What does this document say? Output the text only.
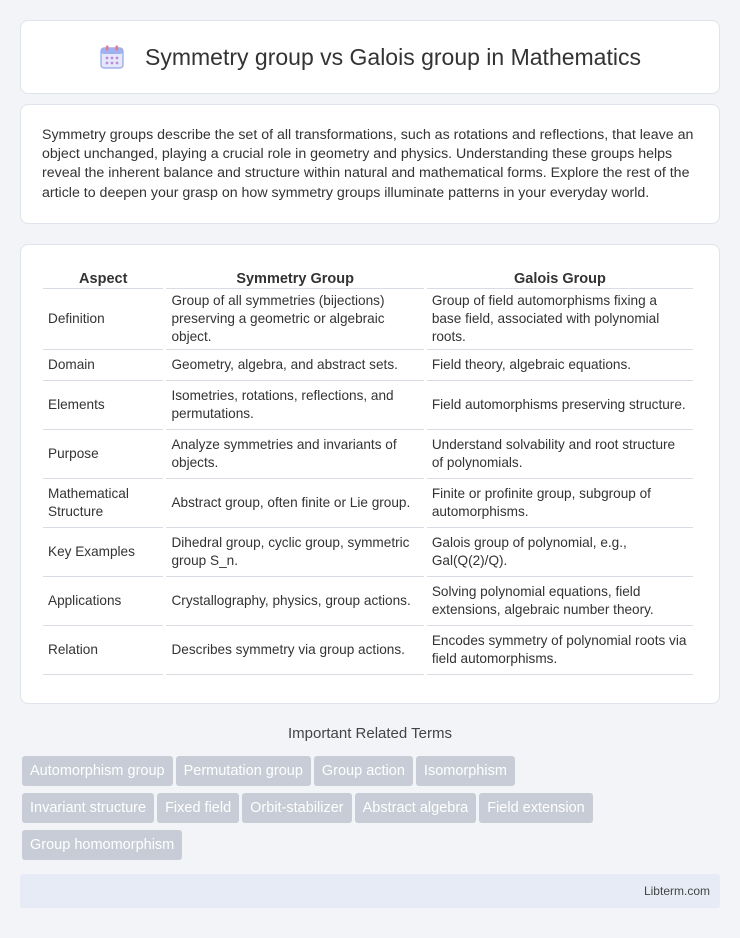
Symmetry group vs Galois group in Mathematics

Symmetry groups describe the set of all transformations, such as rotations and reflections, that leave an object unchanged, playing a crucial role in geometry and physics. Understanding these groups helps reveal the inherent balance and structure within natural and mathematical forms. Explore the rest of the article to deepen your grasp on how symmetry groups illuminate patterns in your everyday world.

Aspect	Symmetry Group	Galois Group
Definition	Group of all symmetries (bijections) preserving a geometric or algebraic object.	Group of field automorphisms fixing a base field, associated with polynomial roots.
Domain	Geometry, algebra, and abstract sets.	Field theory, algebraic equations.
Elements	Isometries, rotations, reflections, and permutations.	Field automorphisms preserving structure.
Purpose	Analyze symmetries and invariants of objects.	Understand solvability and root structure of polynomials.
Mathematical Structure	Abstract group, often finite or Lie group.	Finite or profinite group, subgroup of automorphisms.
Key Examples	Dihedral group, cyclic group, symmetric group S_n.	Galois group of polynomial, e.g., Gal(Q(2)/Q).
Applications	Crystallography, physics, group actions.	Solving polynomial equations, field extensions, algebraic number theory.
Relation	Describes symmetry via group actions.	Encodes symmetry of polynomial roots via field automorphisms.
Important Related Terms
Automorphism group Permutation group Group action Isomorphism
Invariant structure Fixed field Orbit-stabilizer Abstract algebra Field extension
Group homomorphism
Libterm.com
